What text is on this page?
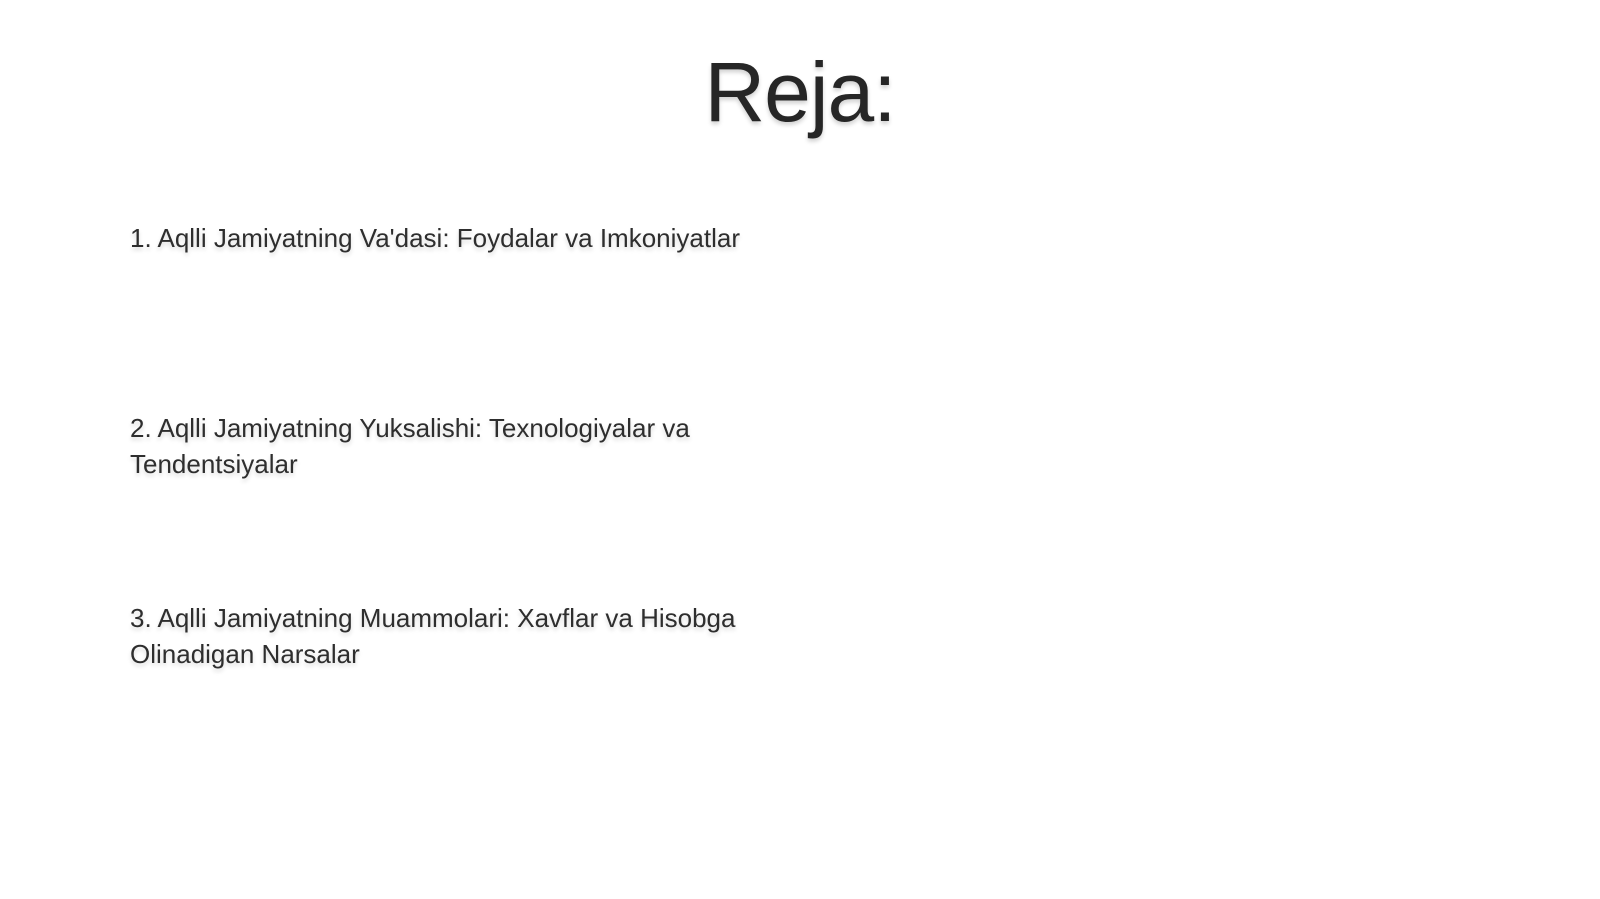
Reja:
1. Aqlli Jamiyatning Va'dasi: Foydalar va Imkoniyatlar
2. Aqlli Jamiyatning Yuksalishi: Texnologiyalar va Tendentsiyalar
3. Aqlli Jamiyatning Muammolari: Xavflar va Hisobga Olinadigan Narsalar
